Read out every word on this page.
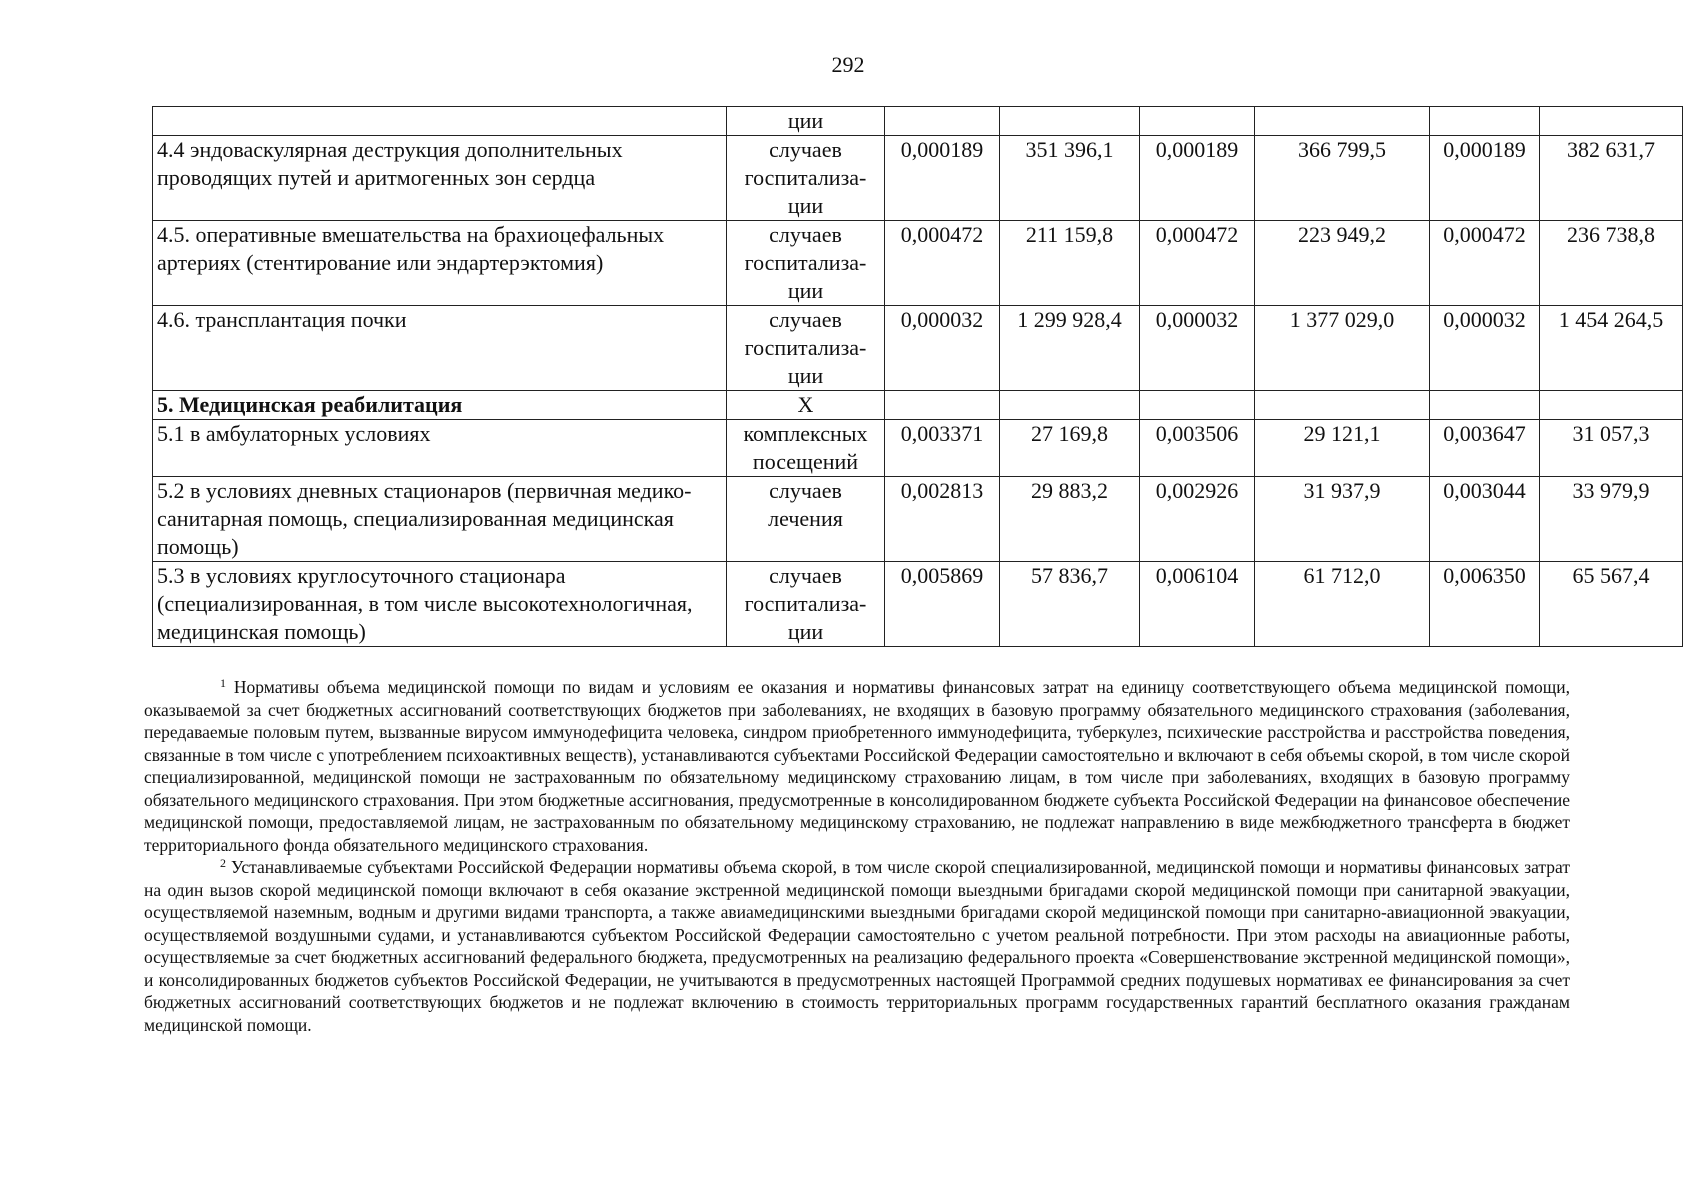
292
	ции						
4.4 эндоваскулярная деструкция дополнительных проводящих путей и аритмогенных зон сердца	случаев госпитализа-ции	0,000189	351 396,1	0,000189	366 799,5	0,000189	382 631,7
4.5. оперативные вмешательства на брахиоцефальных артериях (стентирование или эндартерэктомия)	случаев госпитализа-ции	0,000472	211 159,8	0,000472	223 949,2	0,000472	236 738,8
4.6. трансплантация почки	случаев госпитализа-ции	0,000032	1 299 928,4	0,000032	1 377 029,0	0,000032	1 454 264,5
5. Медицинская реабилитация	Х						
5.1 в амбулаторных условиях	комплексных посещений	0,003371	27 169,8	0,003506	29 121,1	0,003647	31 057,3
5.2 в условиях дневных стационаров (первичная медико-санитарная помощь, специализированная медицинская помощь)	случаев лечения	0,002813	29 883,2	0,002926	31 937,9	0,003044	33 979,9
5.3 в условиях круглосуточного стационара (специализированная, в том числе высокотехнологичная, медицинская помощь)	случаев госпитализа-ции	0,005869	57 836,7	0,006104	61 712,0	0,006350	65 567,4

$^1$ Нормативы объема медицинской помощи по видам и условиям ее оказания и нормативы финансовых затрат на единицу соответствующего объема медицинской помощи, оказываемой за счет бюджетных ассигнований соответствующих бюджетов при заболеваниях, не входящих в базовую программу обязательного медицинского страхования (заболевания, передаваемые половым путем, вызванные вирусом иммунодефицита человека, синдром приобретенного иммунодефицита, туберкулез, психические расстройства и расстройства поведения, связанные в том числе с употреблением психоактивных веществ), устанавливаются субъектами Российской Федерации самостоятельно и включают в себя объемы скорой, в том числе скорой специализированной, медицинской помощи не застрахованным по обязательному медицинскому страхованию лицам, в том числе при заболеваниях, входящих в базовую программу обязательного медицинского страхования. При этом бюджетные ассигнования, предусмотренные в консолидированном бюджете субъекта Российской Федерации на финансовое обеспечение медицинской помощи, предоставляемой лицам, не застрахованным по обязательному медицинскому страхованию, не подлежат направлению в виде межбюджетного трансферта в бюджет территориального фонда обязательного медицинского страхования.

$^2$ Устанавливаемые субъектами Российской Федерации нормативы объема скорой, в том числе скорой специализированной, медицинской помощи и нормативы финансовых затрат на один вызов скорой медицинской помощи включают в себя оказание экстренной медицинской помощи выездными бригадами скорой медицинской помощи при санитарной эвакуации, осуществляемой наземным, водным и другими видами транспорта, а также авиамедицинскими выездными бригадами скорой медицинской помощи при санитарно-авиационной эвакуации, осуществляемой воздушными судами, и устанавливаются субъектом Российской Федерации самостоятельно с учетом реальной потребности. При этом расходы на авиационные работы, осуществляемые за счет бюджетных ассигнований федерального бюджета, предусмотренных на реализацию федерального проекта «Совершенствование экстренной медицинской помощи», и консолидированных бюджетов субъектов Российской Федерации, не учитываются в предусмотренных настоящей Программой средних подушевых нормативах ее финансирования за счет бюджетных ассигнований соответствующих бюджетов и не подлежат включению в стоимость территориальных программ государственных гарантий бесплатного оказания гражданам медицинской помощи.
